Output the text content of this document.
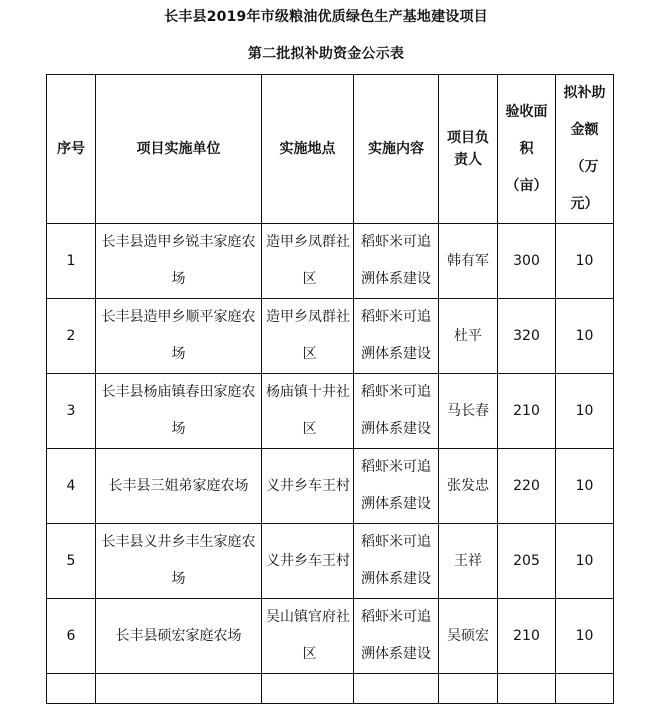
长丰县2019年市级粮油优质绿色生产基地建设项目
第二批拟补助资金公示表
序号	项目实施单位	实施地点	实施内容	项目负
责人	验收面
积
（亩）	拟补助
金额
（万
元）

1	长丰县造甲乡锐丰家庭农
场	造甲乡凤群社
区	稻虾米可追
溯体系建设	韩有军	300	10
2	长丰县造甲乡顺平家庭农
场	造甲乡凤群社
区	稻虾米可追
溯体系建设	杜平	320	10
3	长丰县杨庙镇春田家庭农
场	杨庙镇十井社
区	稻虾米可追
溯体系建设	马长春	210	10
4	长丰县三姐弟家庭农场	义井乡车王村	稻虾米可追
溯体系建设	张发忠	220	10
5	长丰县义井乡丰生家庭农
场	义井乡车王村	稻虾米可追
溯体系建设	王祥	205	10
6	长丰县硕宏家庭农场	吴山镇官府社
区	稻虾米可追
溯体系建设	吴硕宏	210	10
